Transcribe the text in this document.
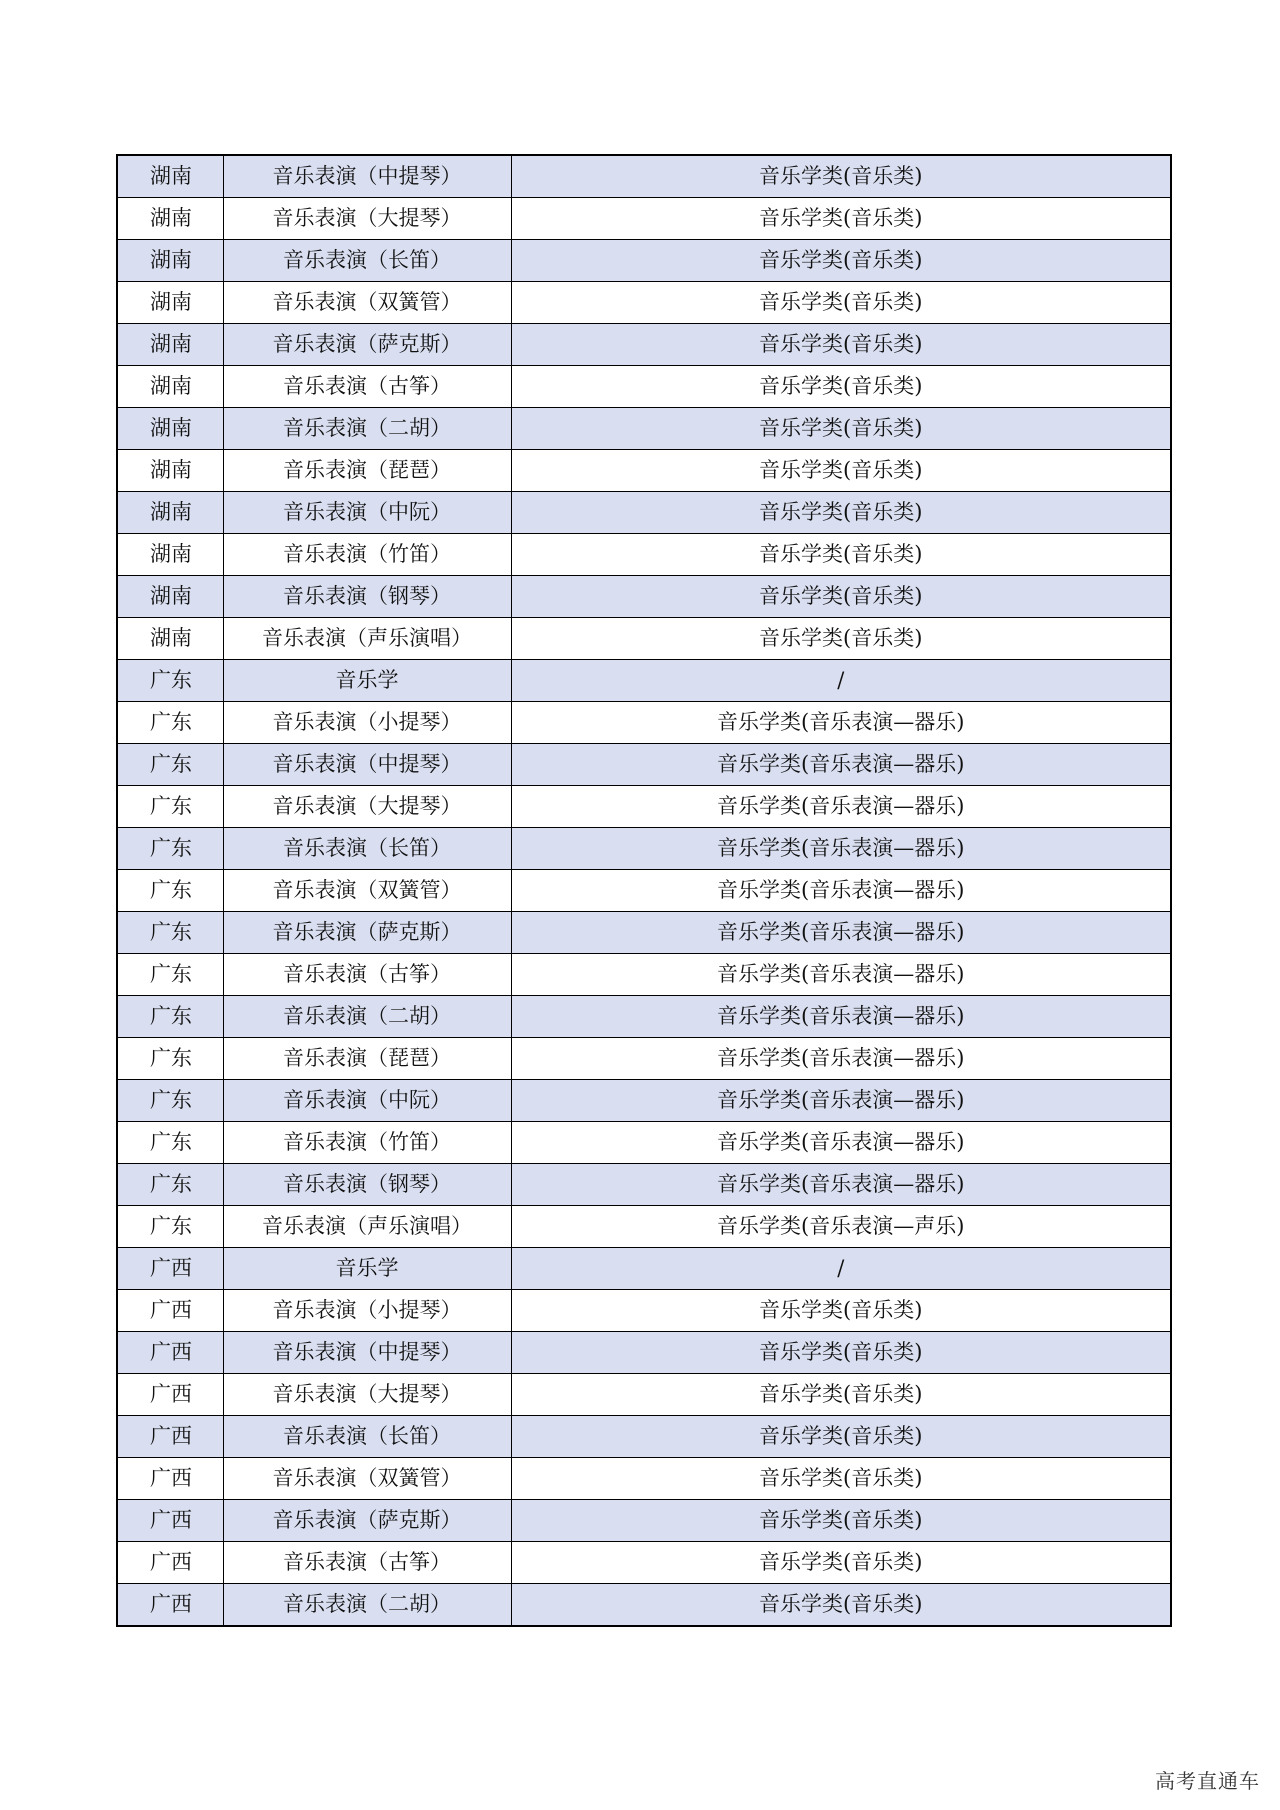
湖南	音乐表演（中提琴）	音乐学类(音乐类)
湖南	音乐表演（大提琴）	音乐学类(音乐类)
湖南	音乐表演（长笛）	音乐学类(音乐类)
湖南	音乐表演（双簧管）	音乐学类(音乐类)
湖南	音乐表演（萨克斯）	音乐学类(音乐类)
湖南	音乐表演（古筝）	音乐学类(音乐类)
湖南	音乐表演（二胡）	音乐学类(音乐类)
湖南	音乐表演（琵琶）	音乐学类(音乐类)
湖南	音乐表演（中阮）	音乐学类(音乐类)
湖南	音乐表演（竹笛）	音乐学类(音乐类)
湖南	音乐表演（钢琴）	音乐学类(音乐类)
湖南	音乐表演（声乐演唱）	音乐学类(音乐类)
广东	音乐学	/
广东	音乐表演（小提琴）	音乐学类(音乐表演—器乐)
广东	音乐表演（中提琴）	音乐学类(音乐表演—器乐)
广东	音乐表演（大提琴）	音乐学类(音乐表演—器乐)
广东	音乐表演（长笛）	音乐学类(音乐表演—器乐)
广东	音乐表演（双簧管）	音乐学类(音乐表演—器乐)
广东	音乐表演（萨克斯）	音乐学类(音乐表演—器乐)
广东	音乐表演（古筝）	音乐学类(音乐表演—器乐)
广东	音乐表演（二胡）	音乐学类(音乐表演—器乐)
广东	音乐表演（琵琶）	音乐学类(音乐表演—器乐)
广东	音乐表演（中阮）	音乐学类(音乐表演—器乐)
广东	音乐表演（竹笛）	音乐学类(音乐表演—器乐)
广东	音乐表演（钢琴）	音乐学类(音乐表演—器乐)
广东	音乐表演（声乐演唱）	音乐学类(音乐表演—声乐)
广西	音乐学	/
广西	音乐表演（小提琴）	音乐学类(音乐类)
广西	音乐表演（中提琴）	音乐学类(音乐类)
广西	音乐表演（大提琴）	音乐学类(音乐类)
广西	音乐表演（长笛）	音乐学类(音乐类)
广西	音乐表演（双簧管）	音乐学类(音乐类)
广西	音乐表演（萨克斯）	音乐学类(音乐类)
广西	音乐表演（古筝）	音乐学类(音乐类)
广西	音乐表演（二胡）	音乐学类(音乐类)
高考直通车
